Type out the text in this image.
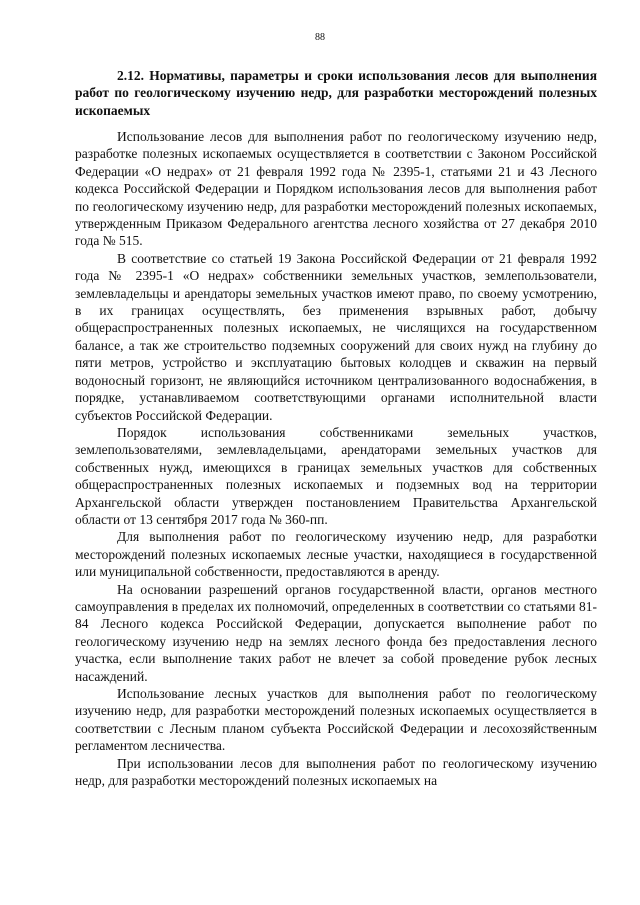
88
2.12. Нормативы, параметры и сроки использования лесов для выполнения работ по геологическому изучению недр, для разработки месторождений полезных ископаемых

Использование лесов для выполнения работ по геологическому изучению недр, разработке полезных ископаемых осуществляется в соответствии с Законом Российской Федерации «О недрах» от 21 февраля 1992 года № 2395-1, статьями 21 и 43 Лесного кодекса Российской Федерации и Порядком использования лесов для выполнения работ по геологическому изучению недр, для разработки месторождений полезных ископаемых, утвержденным Приказом Федерального агентства лесного хозяйства от 27 декабря 2010 года № 515.

В соответствие со статьей 19 Закона Российской Федерации от 21 февраля 1992 года № 2395-1 «О недрах» собственники земельных участков, землепользователи, землевладельцы и арендаторы земельных участков имеют право, по своему усмотрению, в их границах осуществлять, без применения взрывных работ, добычу общераспространенных полезных ископаемых, не числящихся на государственном балансе, а так же строительство подземных сооружений для своих нужд на глубину до пяти метров, устройство и эксплуатацию бытовых колодцев и скважин на первый водоносный горизонт, не являющийся источником централизованного водоснабжения, в порядке, устанавливаемом соответствующими органами исполнительной власти субъектов Российской Федерации.

Порядок использования собственниками земельных участков, землепользователями, землевладельцами, арендаторами земельных участков для собственных нужд, имеющихся в границах земельных участков для собственных общераспространенных полезных ископаемых и подземных вод на территории Архангельской области утвержден постановлением Правительства Архангельской области от 13 сентября 2017 года № 360-пп.

Для выполнения работ по геологическому изучению недр, для разработки месторождений полезных ископаемых лесные участки, находящиеся в государственной или муниципальной собственности, предоставляются в аренду.

На основании разрешений органов государственной власти, органов местного самоуправления в пределах их полномочий, определенных в соответствии со статьями 81-84 Лесного кодекса Российской Федерации, допускается выполнение работ по геологическому изучению недр на землях лесного фонда без предоставления лесного участка, если выполнение таких работ не влечет за собой проведение рубок лесных насаждений.

Использование лесных участков для выполнения работ по геологическому изучению недр, для разработки месторождений полезных ископаемых осуществляется в соответствии с Лесным планом субъекта Российской Федерации и лесохозяйственным регламентом лесничества.

При использовании лесов для выполнения работ по геологическому изучению недр, для разработки месторождений полезных ископаемых на
